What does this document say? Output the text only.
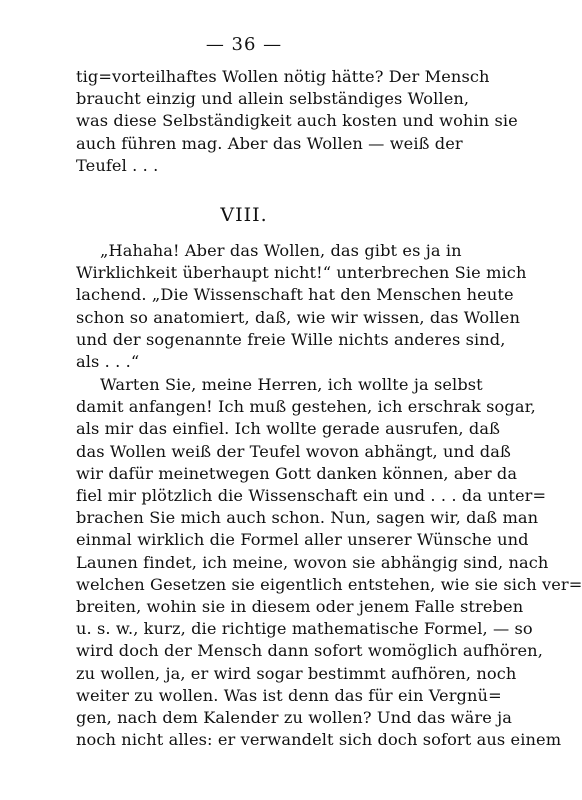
— 36 —
tig=vorteilhaftes Wollen nötig hätte? Der Mensch
braucht einzig und allein selbständiges Wollen,
was diese Selbständigkeit auch kosten und wohin sie
auch führen mag. Aber das Wollen — weiß der
Teufel . . .
VIII.
„Hahaha! Aber das Wollen, das gibt es ja in
Wirklichkeit überhaupt nicht!“ unterbrechen Sie mich
lachend. „Die Wissenschaft hat den Menschen heute
schon so anatomiert, daß, wie wir wissen, das Wollen
und der sogenannte freie Wille nichts anderes sind,
als . . .“
Warten Sie, meine Herren, ich wollte ja selbst
damit anfangen! Ich muß gestehen, ich erschrak sogar,
als mir das einfiel. Ich wollte gerade ausrufen, daß
das Wollen weiß der Teufel wovon abhängt, und daß
wir dafür meinetwegen Gott danken können, aber da
fiel mir plötzlich die Wissenschaft ein und . . . da unter=
brachen Sie mich auch schon. Nun, sagen wir, daß man
einmal wirklich die Formel aller unserer Wünsche und
Launen findet, ich meine, wovon sie abhängig sind, nach
welchen Gesetzen sie eigentlich entstehen, wie sie sich ver=
breiten, wohin sie in diesem oder jenem Falle streben
u. s. w., kurz, die richtige mathematische Formel, — so
wird doch der Mensch dann sofort womöglich aufhören,
zu wollen, ja, er wird sogar bestimmt aufhören, noch
weiter zu wollen. Was ist denn das für ein Vergnü=
gen, nach dem Kalender zu wollen? Und das wäre ja
noch nicht alles: er verwandelt sich doch sofort aus einem
